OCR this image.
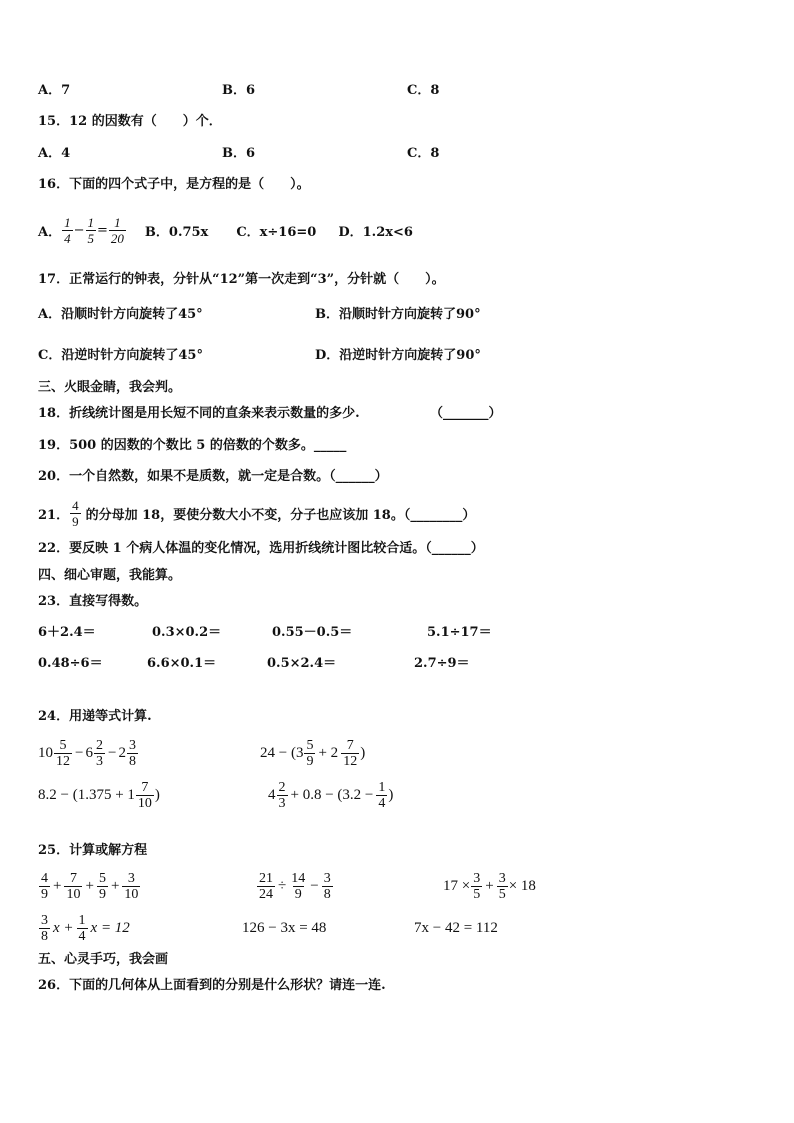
A．7	B．6	C．8
15．12 的因数有（　　）个．
A．4	B．6	C．8
16．下面的四个式子中，是方程的是（　　）。
A． $\frac{1}{4} - \frac{1}{5} = \frac{1}{20}$ B．0.75x C．x÷16=0 D．1.2x<6
17．正常运行的钟表，分针从“12”第一次走到“3”，分针就（　　）。
A．沿顺时针方向旋转了45°	B．沿顺时针方向旋转了90°
C．沿逆时针方向旋转了45°	D．沿逆时针方向旋转了90°
三、火眼金睛，我会判。
18．折线统计图是用长短不同的直条来表示数量的多少.	（_______）
19．500 的因数的个数比 5 的倍数的个数多。_____
20．一个自然数，如果不是质数，就一定是合数。（______）
21． $\frac{4}{9}$ 的分母加 18，要使分数大小不变，分子也应该加 18。（________）
22．要反映 1 个病人体温的变化情况，选用折线统计图比较合适。（______）
四、细心审题，我能算。
23．直接写得数。
6＋2.4＝	0.3×0.2＝	0.55－0.5＝	5.1÷17＝
0.48÷6＝	6.6×0.1＝	0.5×2.4＝	2.7÷9＝
24．用递等式计算.
$10 \frac{5}{12} - 6 \frac{2}{3} - 2 \frac{3}{8}$	$24 - (3 \frac{5}{9} + 2 \frac{7}{12}$ )
$8.2 - (1.375 + 1 \frac{7}{10}$ )	$4 \frac{2}{3} + 0.8 - (3.2 - \frac{1}{4}$ )
25．计算或解方程
$\frac{4}{9} + \frac{7}{10} + \frac{5}{9} + \frac{3}{10}$	$\frac{21}{24} \div \frac{14}{9} - \frac{3}{8}$	$17 \times \frac{3}{5} + \frac{3}{5} \times 18$
$\frac{3}{8}$ $x + \frac{1}{4}$ x = 12	126 − 3x = 48	7x − 42 = 112
五、心灵手巧，我会画
26．下面的几何体从上面看到的分别是什么形状？请连一连.
